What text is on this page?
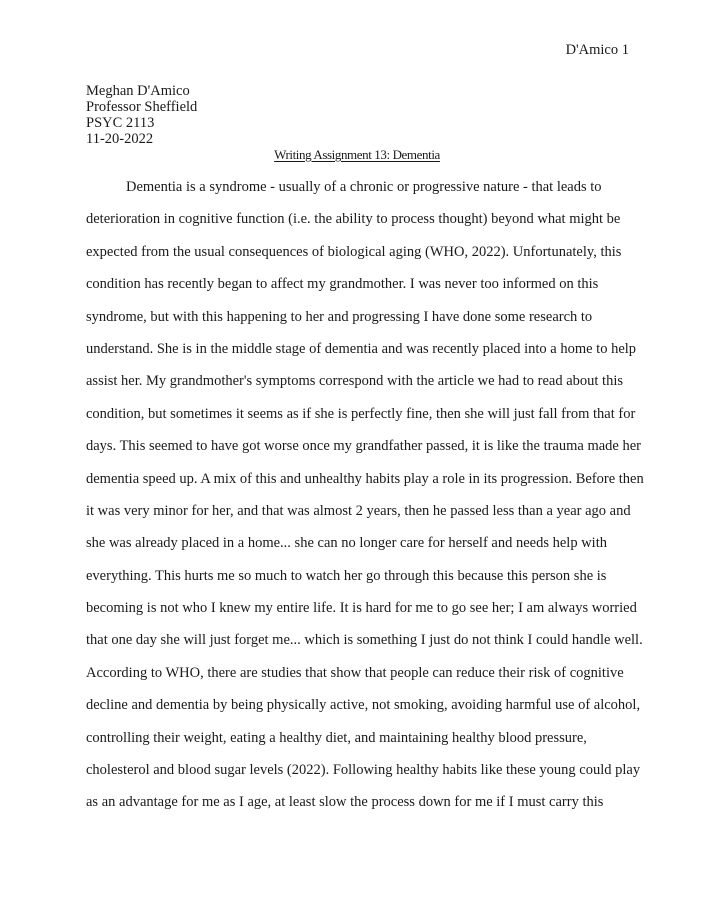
D'Amico 1
Meghan D'Amico
Professor Sheffield
PSYC 2113
11-20-2022
Writing Assignment 13: Dementia
Dementia is a syndrome - usually of a chronic or progressive nature - that leads to
deterioration in cognitive function (i.e. the ability to process thought) beyond what might be
expected from the usual consequences of biological aging (WHO, 2022). Unfortunately, this
condition has recently began to affect my grandmother. I was never too informed on this
syndrome, but with this happening to her and progressing I have done some research to
understand. She is in the middle stage of dementia and was recently placed into a home to help
assist her. My grandmother's symptoms correspond with the article we had to read about this
condition, but sometimes it seems as if she is perfectly fine, then she will just fall from that for
days. This seemed to have got worse once my grandfather passed, it is like the trauma made her
dementia speed up. A mix of this and unhealthy habits play a role in its progression. Before then
it was very minor for her, and that was almost 2 years, then he passed less than a year ago and
she was already placed in a home... she can no longer care for herself and needs help with
everything. This hurts me so much to watch her go through this because this person she is
becoming is not who I knew my entire life. It is hard for me to go see her; I am always worried
that one day she will just forget me... which is something I just do not think I could handle well.
According to WHO, there are studies that show that people can reduce their risk of cognitive
decline and dementia by being physically active, not smoking, avoiding harmful use of alcohol,
controlling their weight, eating a healthy diet, and maintaining healthy blood pressure,
cholesterol and blood sugar levels (2022). Following healthy habits like these young could play
as an advantage for me as I age, at least slow the process down for me if I must carry this
